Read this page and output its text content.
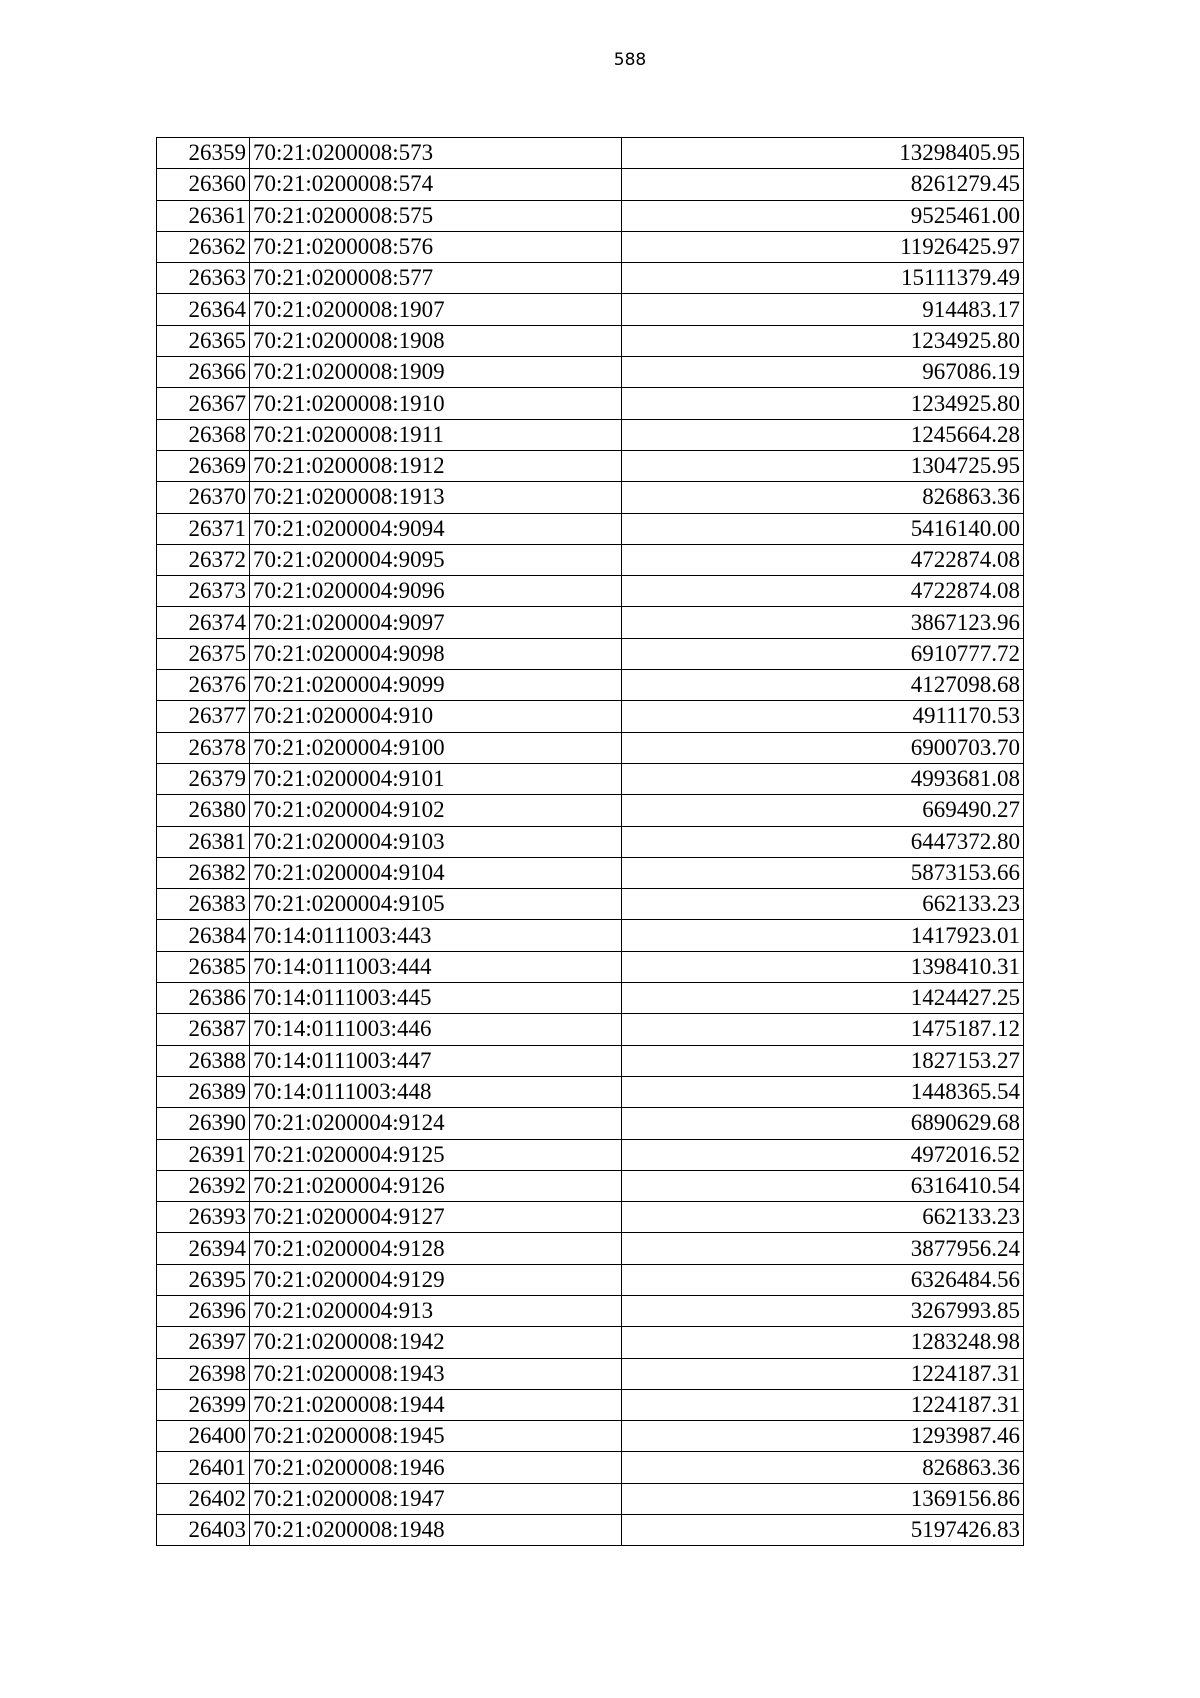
588
26359	70:21:0200008:573	13298405.95
26360	70:21:0200008:574	8261279.45
26361	70:21:0200008:575	9525461.00
26362	70:21:0200008:576	11926425.97
26363	70:21:0200008:577	15111379.49
26364	70:21:0200008:1907	914483.17
26365	70:21:0200008:1908	1234925.80
26366	70:21:0200008:1909	967086.19
26367	70:21:0200008:1910	1234925.80
26368	70:21:0200008:1911	1245664.28
26369	70:21:0200008:1912	1304725.95
26370	70:21:0200008:1913	826863.36
26371	70:21:0200004:9094	5416140.00
26372	70:21:0200004:9095	4722874.08
26373	70:21:0200004:9096	4722874.08
26374	70:21:0200004:9097	3867123.96
26375	70:21:0200004:9098	6910777.72
26376	70:21:0200004:9099	4127098.68
26377	70:21:0200004:910	4911170.53
26378	70:21:0200004:9100	6900703.70
26379	70:21:0200004:9101	4993681.08
26380	70:21:0200004:9102	669490.27
26381	70:21:0200004:9103	6447372.80
26382	70:21:0200004:9104	5873153.66
26383	70:21:0200004:9105	662133.23
26384	70:14:0111003:443	1417923.01
26385	70:14:0111003:444	1398410.31
26386	70:14:0111003:445	1424427.25
26387	70:14:0111003:446	1475187.12
26388	70:14:0111003:447	1827153.27
26389	70:14:0111003:448	1448365.54
26390	70:21:0200004:9124	6890629.68
26391	70:21:0200004:9125	4972016.52
26392	70:21:0200004:9126	6316410.54
26393	70:21:0200004:9127	662133.23
26394	70:21:0200004:9128	3877956.24
26395	70:21:0200004:9129	6326484.56
26396	70:21:0200004:913	3267993.85
26397	70:21:0200008:1942	1283248.98
26398	70:21:0200008:1943	1224187.31
26399	70:21:0200008:1944	1224187.31
26400	70:21:0200008:1945	1293987.46
26401	70:21:0200008:1946	826863.36
26402	70:21:0200008:1947	1369156.86
26403	70:21:0200008:1948	5197426.83
